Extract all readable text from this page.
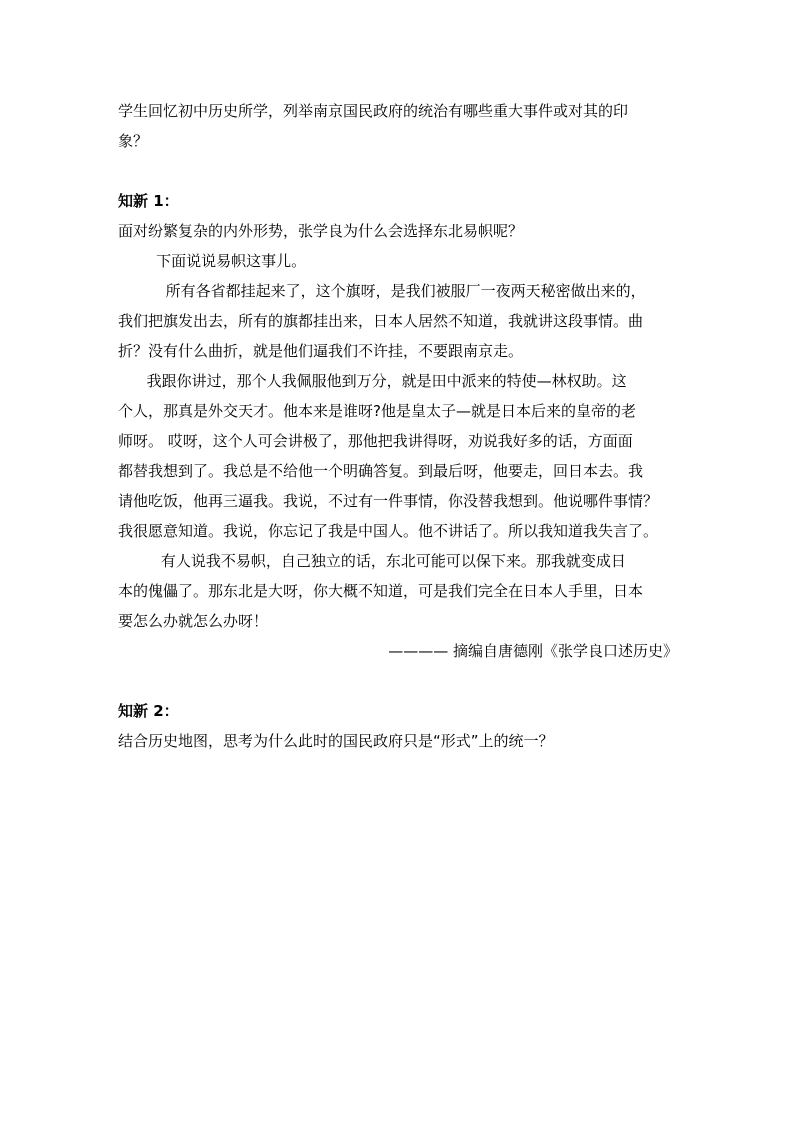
学生回忆初中历史所学，列举南京国民政府的统治有哪些重大事件或对其的印

象？

知新 1：

面对纷繁复杂的内外形势，张学良为什么会选择东北易帜呢？

下面说说易帜这事儿。

所有各省都挂起来了，这个旗呀，是我们被服厂一夜两天秘密做出来的，

我们把旗发出去，所有的旗都挂出来，日本人居然不知道，我就讲这段事情。曲

折？没有什么曲折，就是他们逼我们不许挂，不要跟南京走。

我跟你讲过，那个人我佩服他到万分，就是田中派来的特使—林权助。这

个人，那真是外交天才。他本来是谁呀?他是皇太子—就是日本后来的皇帝的老

师呀。 哎呀，这个人可会讲极了，那他把我讲得呀，劝说我好多的话，方面面

都替我想到了。我总是不给他一个明确答复。到最后呀，他要走，回日本去。我

请他吃饭，他再三逼我。我说，不过有一件事情，你没替我想到。他说哪件事情？

我很愿意知道。我说，你忘记了我是中国人。他不讲话了。所以我知道我失言了。

有人说我不易帜，自己独立的话，东北可能可以保下来。那我就变成日

本的傀儡了。那东北是大呀，你大概不知道，可是我们完全在日本人手里，日本

要怎么办就怎么办呀！

———— 摘编自唐德刚《张学良口述历史》

知新 2：

结合历史地图，思考为什么此时的国民政府只是“形式”上的统一？
